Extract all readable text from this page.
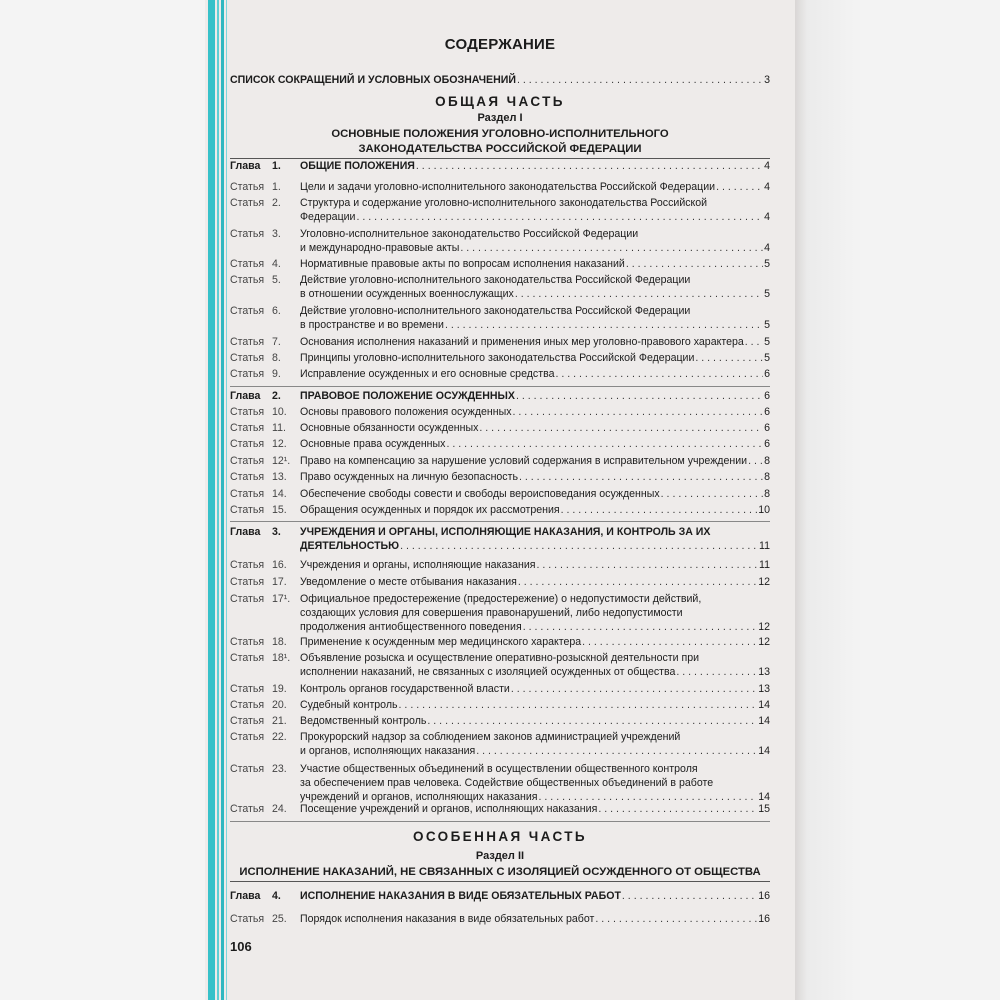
СОДЕРЖАНИЕ
СПИСОК СОКРАЩЕНИЙ И УСЛОВНЫХ ОБОЗНАЧЕНИЙ . . .	3
ОБЩАЯ ЧАСТЬ
Раздел I
ОСНОВНЫЕ ПОЛОЖЕНИЯ УГОЛОВНО-ИСПОЛНИТЕЛЬНОГО
ЗАКОНОДАТЕЛЬСТВА РОССИЙСКОЙ ФЕДЕРАЦИИ
Глава	1.	ОБЩИЕ ПОЛОЖЕНИЯ . . .	4
Статья 1.	Цели и задачи уголовно-исполнительного законодательства Российской Федерации . . .	4
Статья 2.	Структура и содержание уголовно-исполнительного законодательства Российской
Федерации . . .	4
Статья 3.	Уголовно-исполнительное законодательство Российской Федерации
и международно-правовые акты . . .	4
Статья 4.	Нормативные правовые акты по вопросам исполнения наказаний . . .	5
Статья 5.	Действие уголовно-исполнительного законодательства Российской Федерации
в отношении осужденных военнослужащих . . .	5
Статья 6.	Действие уголовно-исполнительного законодательства Российской Федерации
в пространстве и во времени . . .	5
Статья 7.	Основания исполнения наказаний и применения иных мер уголовно-правового характера . . . 5
Статья 8.	Принципы уголовно-исполнительного законодательства Российской Федерации . . .	5
Статья 9.	Исправление осужденных и его основные средства . . .	6
Глава	2.	ПРАВОВОЕ ПОЛОЖЕНИЕ ОСУЖДЕННЫХ . . .	6
Статья 10.	Основы правового положения осужденных . . .	6
Статья 11.	Основные обязанности осужденных . . .	6
Статья 12.	Основные права осужденных . . .	6
Статья 12¹. Право на компенсацию за нарушение условий содержания в исправительном учреждении . . . 8
Статья 13.	Право осужденных на личную безопасность . . .	8
Статья 14.	Обеспечение свободы совести и свободы вероисповедания осужденных . . .	8
Статья 15.	Обращения осужденных и порядок их рассмотрения . . .	10
Глава	3.	УЧРЕЖДЕНИЯ И ОРГАНЫ, ИСПОЛНЯЮЩИЕ НАКАЗАНИЯ, И КОНТРОЛЬ ЗА ИХ
ДЕЯТЕЛЬНОСТЬЮ . . .	11
Статья 16.	Учреждения и органы, исполняющие наказания . . .	11
Статья 17.	Уведомление о месте отбывания наказания . . .	12
Статья 17¹. Официальное предостережение (предостережение) о недопустимости действий,
создающих условия для совершения правонарушений, либо недопустимости
продолжения антиобщественного поведения . . .	12
Статья 18.	Применение к осужденным мер медицинского характера . . .	12
Статья 18¹. Объявление розыска и осуществление оперативно-розыскной деятельности при
исполнении наказаний, не связанных с изоляцией осужденных от общества . . .	13
Статья 19.	Контроль органов государственной власти . . .	13
Статья 20.	Судебный контроль . . .	14
Статья 21.	Ведомственный контроль . . .	14
Статья 22.	Прокурорский надзор за соблюдением законов администрацией учреждений
и органов, исполняющих наказания . . .	14
Статья 23.	Участие общественных объединений в осуществлении общественного контроля
за обеспечением прав человека. Содействие общественных объединений в работе
учреждений и органов, исполняющих наказания . . .	14
Статья 24.	Посещение учреждений и органов, исполняющих наказания . . .	15
Глава	4.	ИСПОЛНЕНИЕ НАКАЗАНИЯ В ВИДЕ ОБЯЗАТЕЛЬНЫХ РАБОТ . . .	16
Статья 25.	Порядок исполнения наказания в виде обязательных работ . . .	16
ОСОБЕННАЯ ЧАСТЬ
Раздел II
ИСПОЛНЕНИЕ НАКАЗАНИЙ, НЕ СВЯЗАННЫХ С ИЗОЛЯЦИЕЙ ОСУЖДЕННОГО ОТ ОБЩЕСТВА
106
